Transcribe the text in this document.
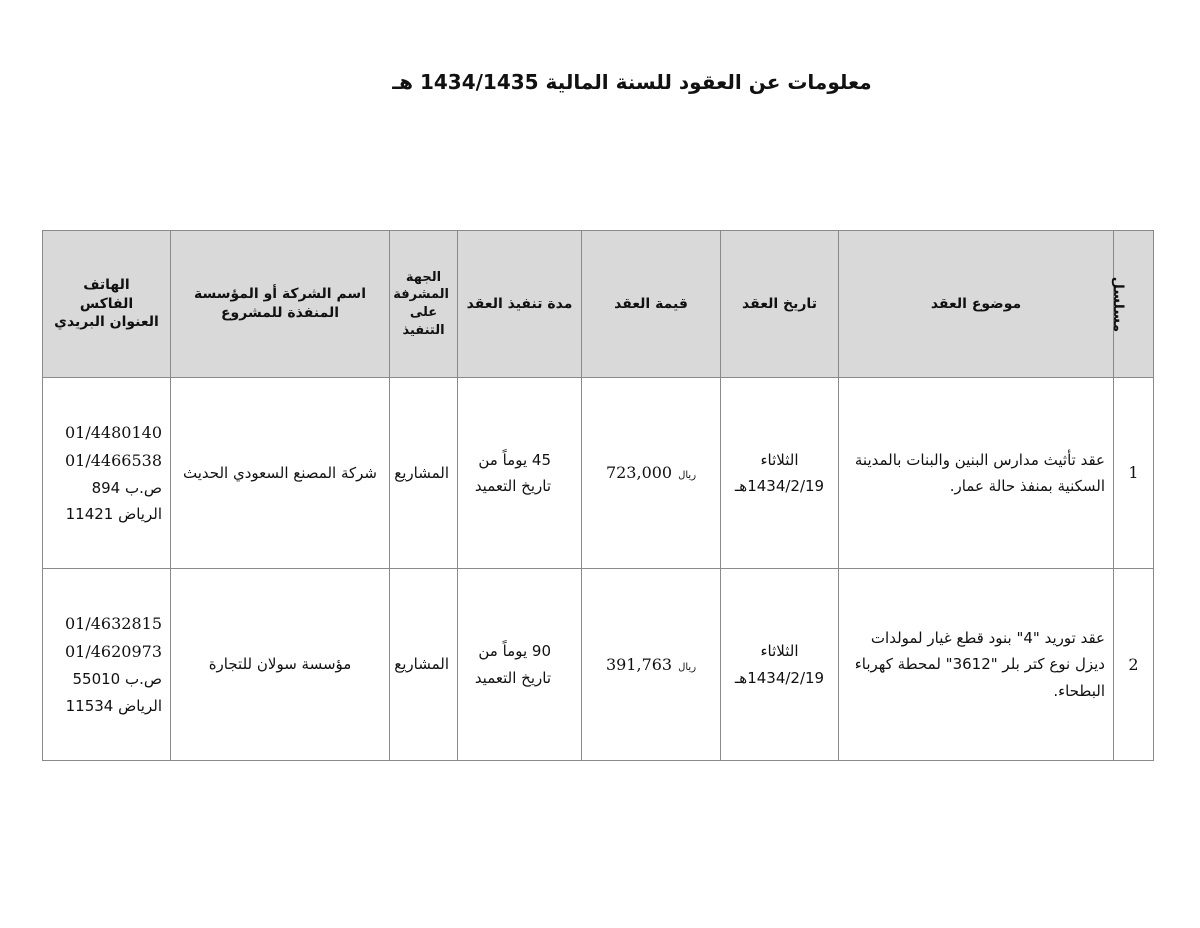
معلومات عن العقود للسنة المالية 1434/1435 هـ
مسلسل	موضوع العقد	تاريخ العقد	قيمة العقد	مدة تنفيذ العقد	الجهة
المشرفة
على
التنفيذ	اسم الشركة أو المؤسسة
المنفذة للمشروع	الهاتف
الفاكس
العنوان البريدي

1	عقد تأثيث مدارس البنين والبنات بالمدينة السكنية بمنفذ حالة عمار.	الثلاثاء
1434/2/19هـ	ريال723,000	45 يوماً من
تاريخ التعميد	المشاريع	شركة المصنع السعودي الحديث	01/4480140
01/4466538
ص.ب 894
الرياض 11421

2	عقد توريد "4" بنود قطع غيار لمولدات ديزل نوع كتر بلر "3612" لمحطة كهرباء البطحاء.	الثلاثاء
1434/2/19هـ	ريال391,763	90 يوماً من
تاريخ التعميد	المشاريع	مؤسسة سولان للتجارة	01/4632815
01/4620973
ص.ب 55010
الرياض 11534
